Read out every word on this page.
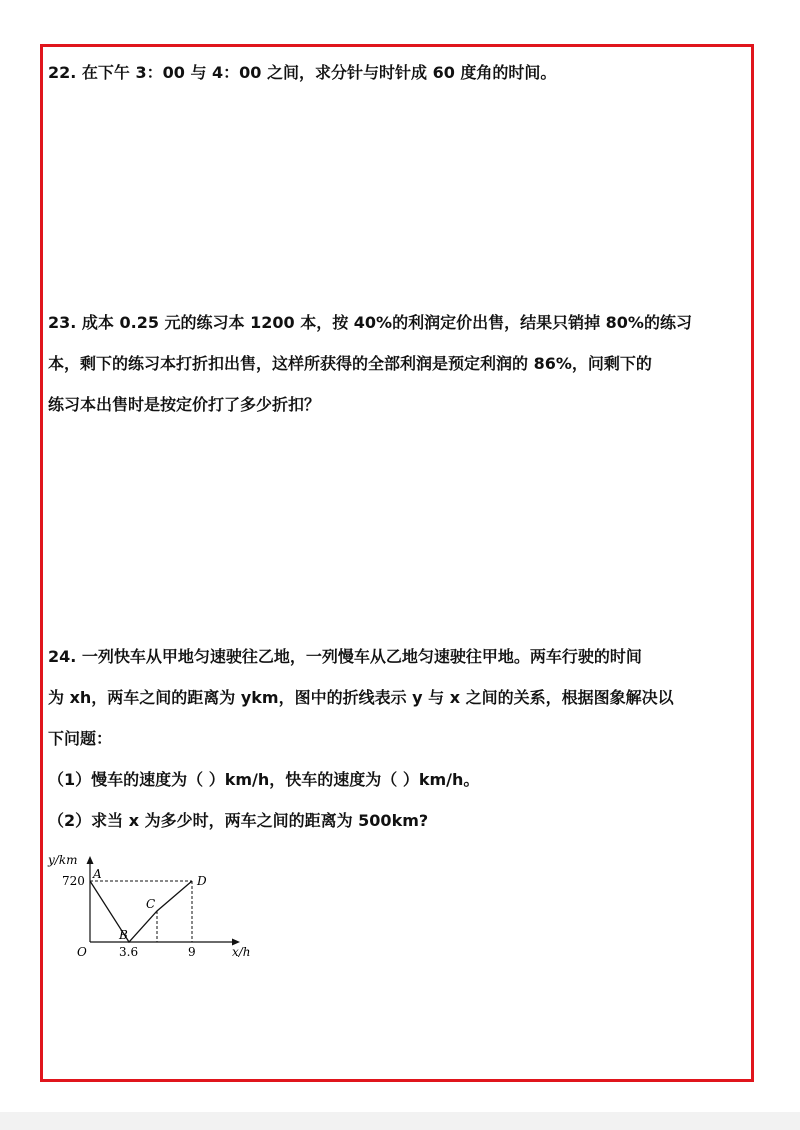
22. 在下午 3：00 与 4：00 之间，求分针与时针成 60 度角的时间。
23. 成本 0.25 元的练习本 1200 本，按 40%的利润定价出售，结果只销掉 80%的练习
本，剩下的练习本打折扣出售，这样所获得的全部利润是预定利润的 86%，问剩下的
练习本出售时是按定价打了多少折扣？
24. 一列快车从甲地匀速驶往乙地，一列慢车从乙地匀速驶往甲地。两车行驶的时间
为 xh，两车之间的距离为 ykm，图中的折线表示 y 与 x 之间的关系，根据图象解决以
下问题：
（1）慢车的速度为（ ）km/h，快车的速度为（ ）km/h。
（2）求当 x 为多少时，两车之间的距离为 500km?
y/km
720 A
B
C
D
O	3.6	9	x/h
